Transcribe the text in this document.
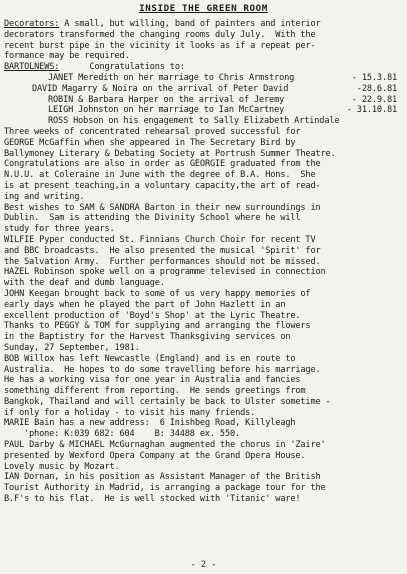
INSIDE THE GREEN ROOM
Decorators: A small, but willing, band of painters and interior
decorators transformed the changing rooms duly July.  With the
recent burst pipe in the vicinity it looks as if a repeat per-
formance may be required.
BARTOLNEWS:	Congratulations to:
JANET Meredith on her marriage to Chris Armstrong	- 15.3.81
DAVID Magarry & Noira on the arrival of Peter David	-28.6.81
ROBIN & Barbara Harper on the arrival of Jeremy	- 22.9.81
LEIGH Johnston on her marriage to Ian McCartney	- 31.10.81
ROSS Hobson on his engagement to Sally Elizabeth Artindale
Three weeks of concentrated rehearsal proved successful for
GEORGE McGaffin when she appeared in The Secretary Bird by
Ballymoney Literary & Debating Society at Portrush Summer Theatre.
Congratulations are also in order as GEORGIE graduated from the
N.U.U. at Coleraine in June with the degree of B.A. Hons.  She
is at present teaching,in a voluntary capacity,the art of read-
ing and writing.
Best wishes to SAM & SANDRA Barton in their new surroundings in
Dublin.  Sam is attending the Divinity School where he will
study for three years.
WILFIE Pyper conducted St. Finnians Church Choir for recent TV
and BBC broadcasts.  He also presented the musical 'Spirit' for
the Salvation Army.  Further performances should not be missed.
HAZEL Robinson spoke well on a programme televised in connection
with the deaf and dumb language.
JOHN Keegan brought back to some of us very happy memories of
early days when he played the part of John Hazlett in an
excellent production of 'Boyd's Shop' at the Lyric Theatre.
Thanks to PEGGY & TOM for supplying and arranging the flowers
in the Baptistry for the Harvest Thanksgiving services on
Sunday, 27 September, 1981.
BOB Willox has left Newcastle (England) and is en route to
Australia.  He hopes to do some travelling before his marriage.
He has a working visa for one year in Australia and fancies
something different from reporting.  He sends greetings from
Bangkok, Thailand and will certainly be back to Ulster sometime -
if only for a holiday - to visit his many friends.
MARIE Bain has a new address:  6 Inishbeg Road, Killyleagh
'phone: K:039 682: 604    B: 34488 ex. 550.
PAUL Darby & MICHAEL McGurnaghan augmented the chorus in 'Zaire'
presented by Wexford Opera Company at the Grand Opera House.
Lovely music by Mozart.
IAN Dornan, in his position as Assistant Manager of the British
Tourist Authority in Madrid, is arranging a package tour for the
B.F's to his flat.  He is well stocked with 'Titanic' ware!
- 2 -
